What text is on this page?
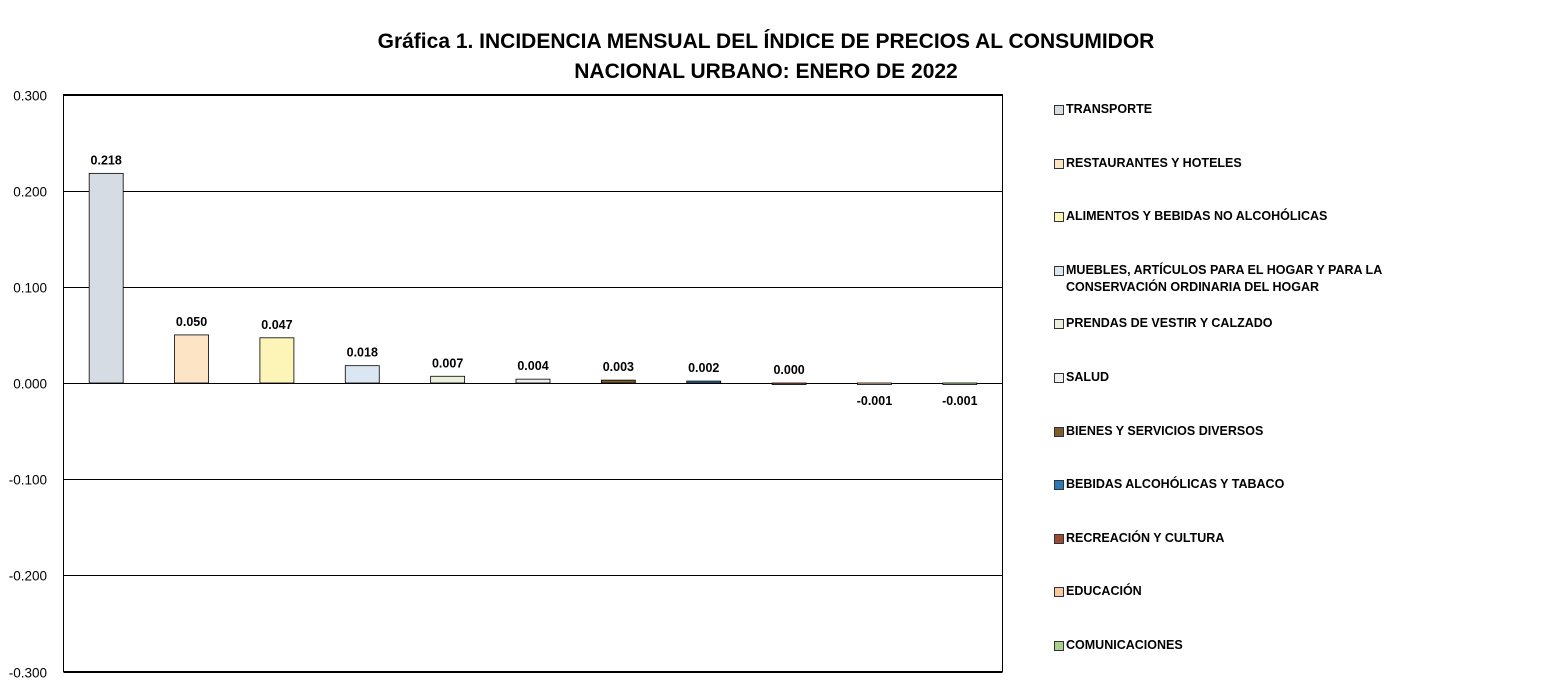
Gráfica 1. INCIDENCIA MENSUAL DEL ÍNDICE DE PRECIOS AL CONSUMIDOR
NACIONAL URBANO: ENERO DE 2022
0.218
0.050	0.047
0.018
0.007	0.004	0.003	0.002	0.000
-0.001	-0.001
0.300
0.200
0.100
0.000
-0.100
-0.200
-0.300
TRANSPORTE
RESTAURANTES Y HOTELES
ALIMENTOS Y BEBIDAS NO ALCOHÓLICAS
MUEBLES, ARTÍCULOS PARA EL HOGAR Y PARA LA CONSERVACIÓN ORDINARIA DEL HOGAR
PRENDAS DE VESTIR Y CALZADO
SALUD
BIENES Y SERVICIOS DIVERSOS
BEBIDAS ALCOHÓLICAS Y TABACO
RECREACIÓN Y CULTURA
EDUCACIÓN
COMUNICACIONES
